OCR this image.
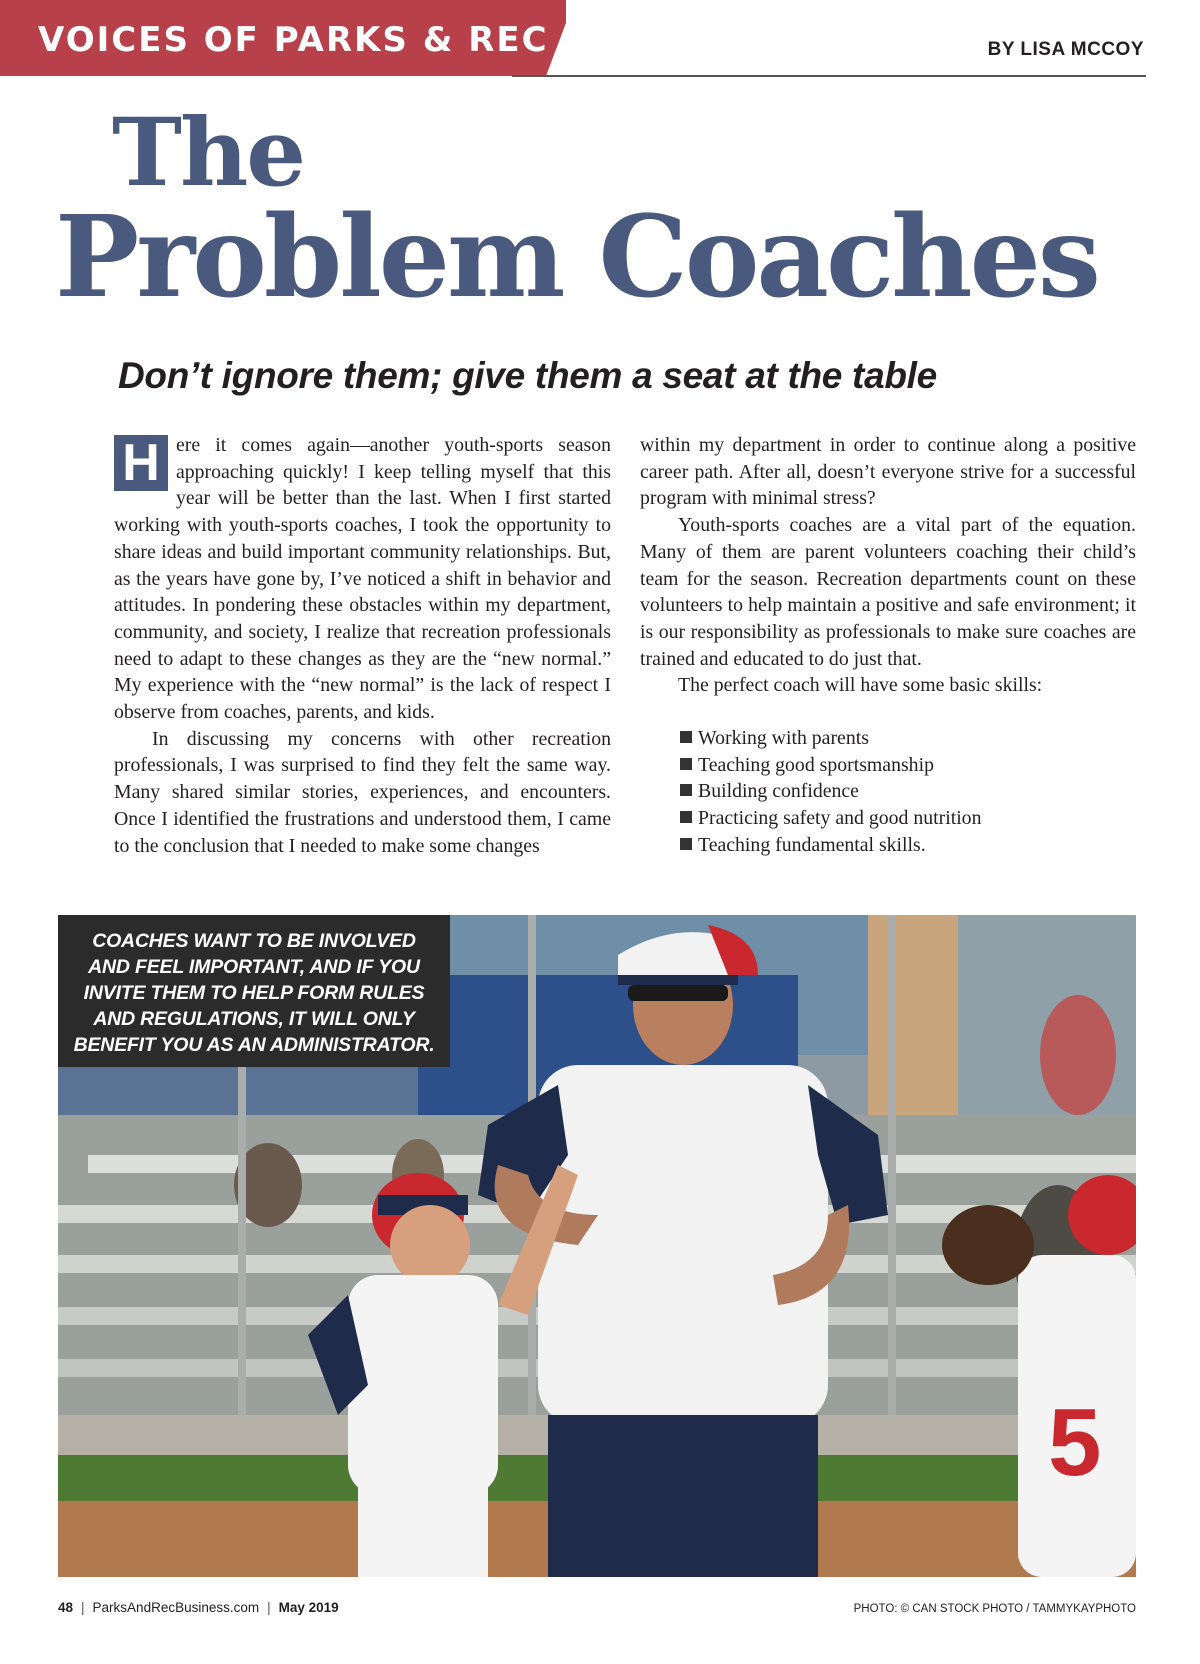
VOICES OF PARKS & REC	BY LISA MCCOY
The
Problem Coaches
Don’t ignore them; give them a seat at the table

H ere it comes again—another youth-sports season approaching quickly! I keep telling myself that this year will be better than the last. When I first started working with youth-sports coaches, I took the opportunity to share ideas and build important community relationships. But, as the years have gone by, I’ve noticed a shift in behavior and attitudes. In pondering these obstacles within my department, community, and society, I realize that recreation professionals need to adapt to these changes as they are the “new normal.” My experience with the “new normal” is the lack of respect I observe from coaches, parents, and kids.

In discussing my concerns with other recreation professionals, I was surprised to find they felt the same way. Many shared similar stories, experiences, and encounters. Once I identified the frustrations and understood them, I came to the conclusion that I needed to make some changes

within my department in order to continue along a positive career path. After all, doesn’t everyone strive for a successful program with minimal stress?

Youth-sports coaches are a vital part of the equation. Many of them are parent volunteers coaching their child’s team for the season. Recreation departments count on these volunteers to help maintain a positive and safe environment; it is our responsibility as professionals to make sure coaches are trained and educated to do just that.

The perfect coach will have some basic skills:

Working with parents
Teaching good sportsmanship
Building confidence
Practicing safety and good nutrition
Teaching fundamental skills.
5
COACHES WANT TO BE INVOLVED AND FEEL IMPORTANT, AND IF YOU INVITE THEM TO HELP FORM RULES AND REGULATIONS, IT WILL ONLY BENEFIT YOU AS AN ADMINISTRATOR.
48 | ParksAndRecBusiness.com | May 2019	PHOTO: © CAN STOCK PHOTO / TAMMYKAYPHOTO
